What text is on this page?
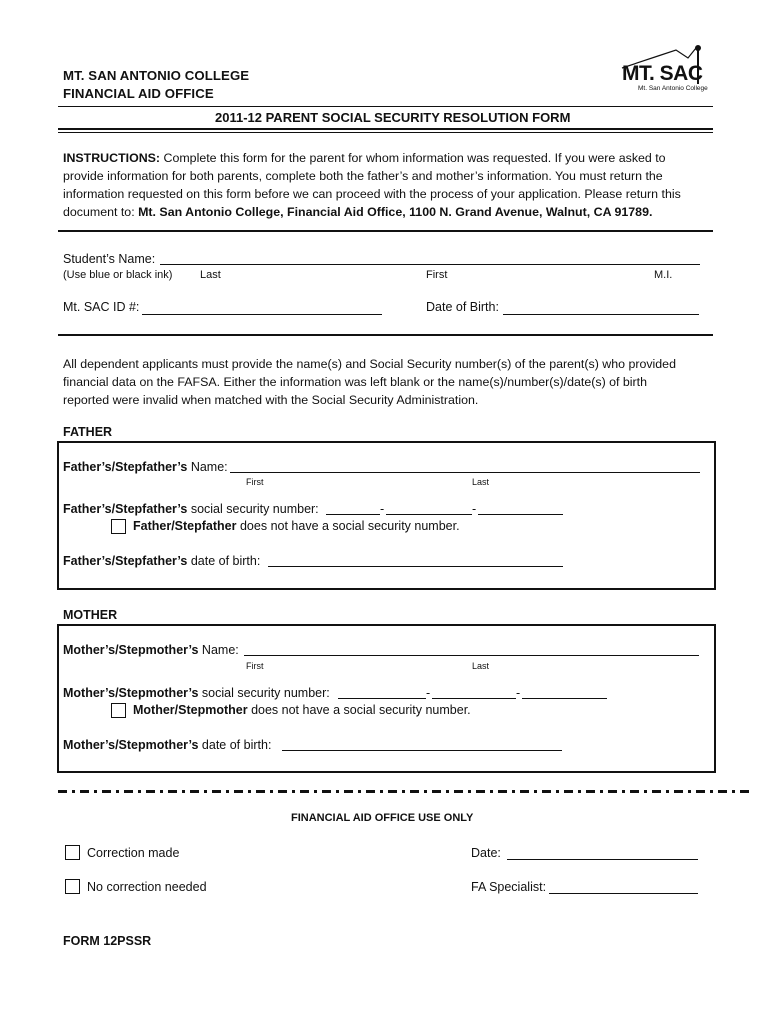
MT. SAN ANTONIO COLLEGE
FINANCIAL AID OFFICE
MT. SAC
Mt. San Antonio College
2011-12 PARENT SOCIAL SECURITY RESOLUTION FORM
INSTRUCTIONS: Complete this form for the parent for whom information was requested. If you were asked to
provide information for both parents, complete both the father’s and mother’s information. You must return the
information requested on this form before we can proceed with the process of your application. Please return this
document to: Mt. San Antonio College, Financial Aid Office, 1100 N. Grand Avenue, Walnut, CA 91789.
Student’s Name:
(Use blue or black ink)	Last	First	M.I.
Mt. SAC ID #:	Date of Birth:
All dependent applicants must provide the name(s) and Social Security number(s) of the parent(s) who provided
financial data on the FAFSA. Either the information was left blank or the name(s)/number(s)/date(s) of birth
reported were invalid when matched with the Social Security Administration.
FATHER
Father’s/Stepfather’s Name:
First	Last
Father’s/Stepfather’s social security number:	-	-
Father/Stepfather does not have a social security number.
Father’s/Stepfather’s date of birth:
MOTHER
Mother’s/Stepmother’s Name:
First	Last
Mother’s/Stepmother’s social security number:	-	-
Mother/Stepmother does not have a social security number.
Mother’s/Stepmother’s date of birth:
FINANCIAL AID OFFICE USE ONLY
Correction made	Date:
No correction needed	FA Specialist:
FORM 12PSSR
